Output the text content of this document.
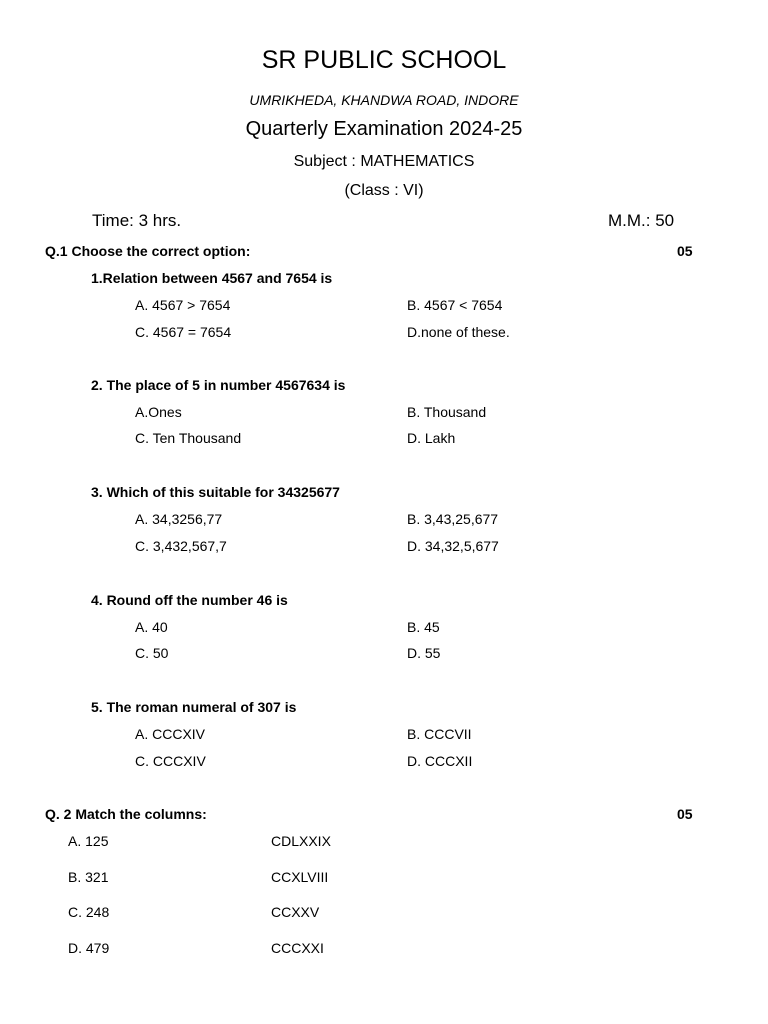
SR PUBLIC SCHOOL
UMRIKHEDA, KHANDWA ROAD, INDORE
Quarterly Examination 2024-25
Subject : MATHEMATICS
(Class : VI)
Time: 3 hrs.	M.M.: 50
Q.1 Choose the correct option:	05
1.Relation between 4567 and 7654 is
A. 4567 > 7654	B. 4567 < 7654
C. 4567 = 7654	D.none of these.
2. The place of 5 in number 4567634 is
A.Ones	B. Thousand
C. Ten Thousand	D. Lakh
3. Which of this suitable for 34325677
A. 34,3256,77	B. 3,43,25,677
C. 3,432,567,7	D. 34,32,5,677
4. Round off the number 46 is
A. 40	B. 45
C. 50	D. 55
5. The roman numeral of 307 is
A. CCCXIV	B. CCCVII
C. CCCXIV	D. CCCXII
Q. 2 Match the columns:	05
A. 125	CDLXXIX
B. 321	CCXLVIII
C. 248	CCXXV
D. 479	CCCXXI
